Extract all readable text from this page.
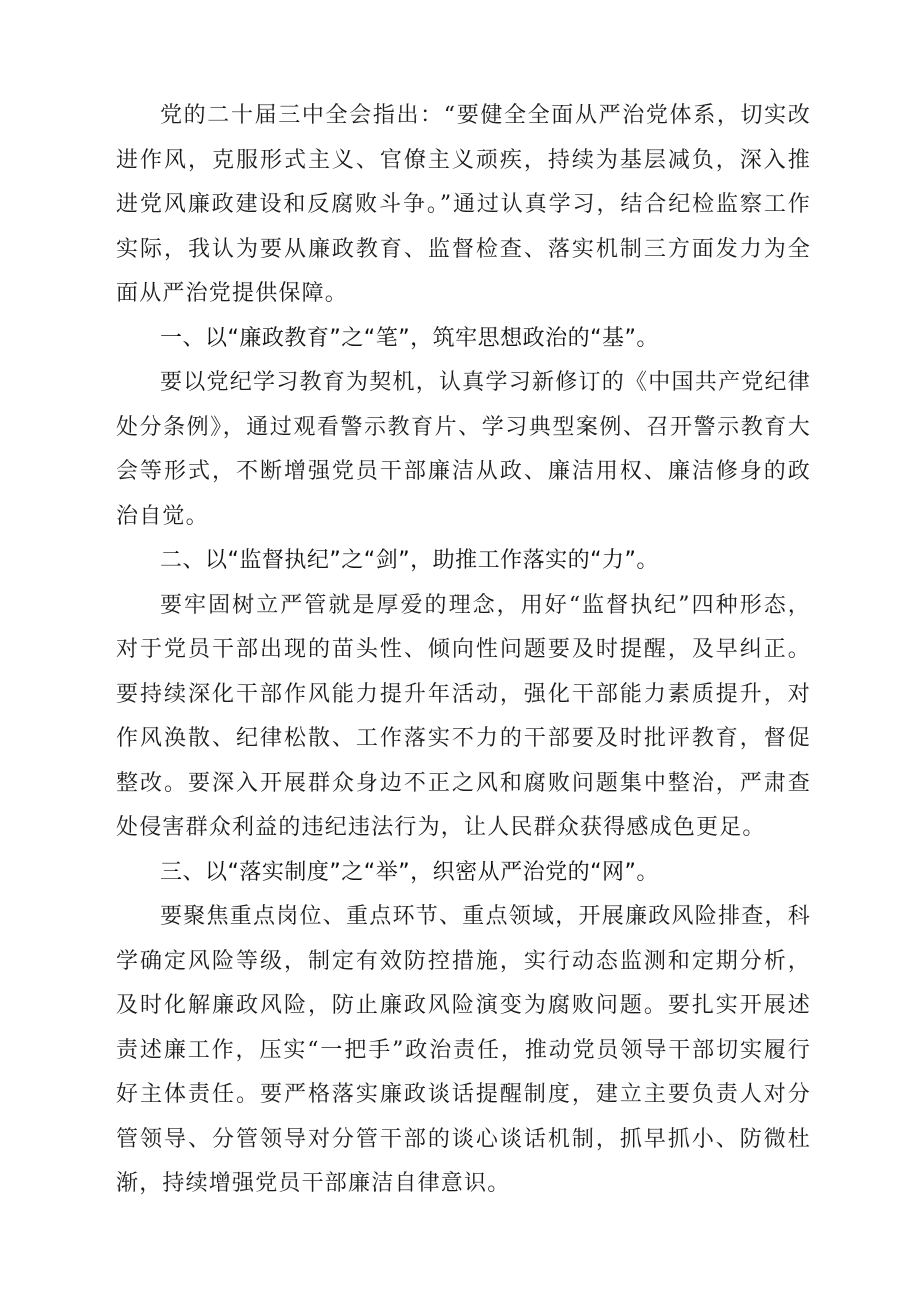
党的二十届三中全会指出：“要健全全面从严治党体系，切实改进作风，克服形式主义、官僚主义顽疾，持续为基层减负，深入推进党风廉政建设和反腐败斗争。”通过认真学习，结合纪检监察工作实际，我认为要从廉政教育、监督检查、落实机制三方面发力为全面从严治党提供保障。

一、以“廉政教育”之“笔”，筑牢思想政治的“基”。

要以党纪学习教育为契机，认真学习新修订的《中国共产党纪律处分条例》，通过观看警示教育片、学习典型案例、召开警示教育大会等形式，不断增强党员干部廉洁从政、廉洁用权、廉洁修身的政治自觉。

二、以“监督执纪”之“剑”，助推工作落实的“力”。

要牢固树立严管就是厚爱的理念，用好“监督执纪”四种形态，对于党员干部出现的苗头性、倾向性问题要及时提醒，及早纠正。要持续深化干部作风能力提升年活动，强化干部能力素质提升，对作风涣散、纪律松散、工作落实不力的干部要及时批评教育，督促整改。要深入开展群众身边不正之风和腐败问题集中整治，严肃查处侵害群众利益的违纪违法行为，让人民群众获得感成色更足。

三、以“落实制度”之“举”，织密从严治党的“网”。

要聚焦重点岗位、重点环节、重点领域，开展廉政风险排查，科学确定风险等级，制定有效防控措施，实行动态监测和定期分析，及时化解廉政风险，防止廉政风险演变为腐败问题。要扎实开展述责述廉工作，压实“一把手”政治责任，推动党员领导干部切实履行好主体责任。要严格落实廉政谈话提醒制度，建立主要负责人对分管领导、分管领导对分管干部的谈心谈话机制，抓早抓小、防微杜渐，持续增强党员干部廉洁自律意识。
